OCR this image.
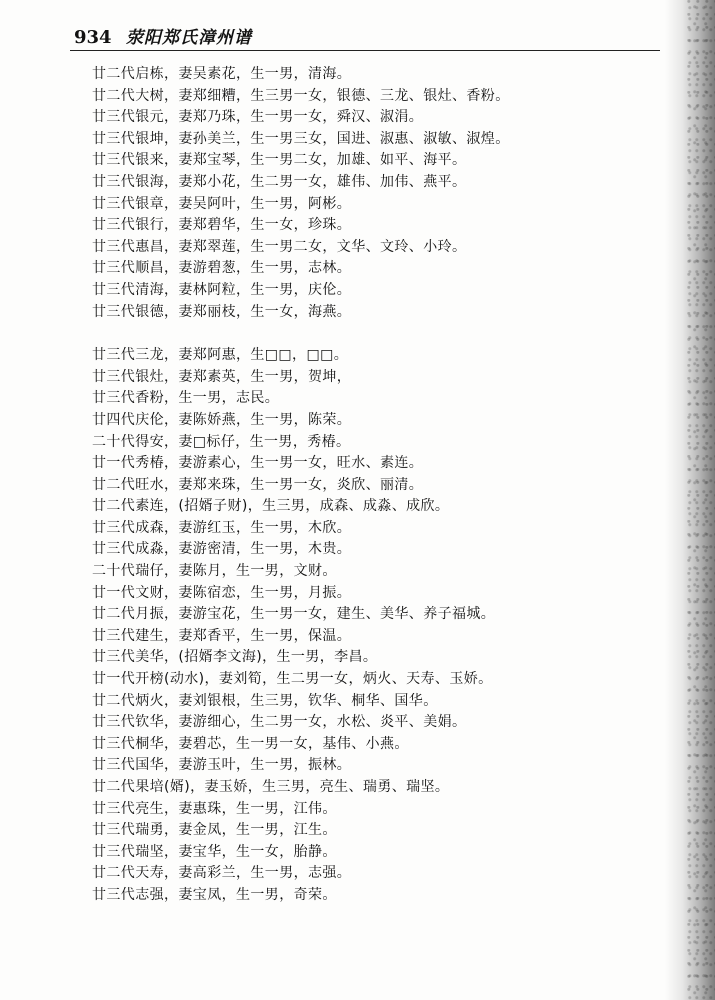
934 荥阳郑氏漳州谱
廿二代启栋，妻吴素花，生一男，清海。
廿二代大树，妻郑细糟，生三男一女，银德、三龙、银灶、香粉。
廿三代银元，妻郑乃珠，生一男一女，舜汉、淑涓。
廿三代银坤，妻孙美兰，生一男三女，国进、淑惠、淑敏、淑煌。
廿三代银来，妻郑宝琴，生一男二女，加雄、如平、海平。
廿三代银海，妻郑小花，生二男一女，雄伟、加伟、燕平。
廿三代银章，妻吴阿叶，生一男，阿彬。
廿三代银行，妻郑碧华，生一女，珍珠。
廿三代惠昌，妻郑翠莲，生一男二女，文华、文玲、小玲。
廿三代顺昌，妻游碧葱，生一男，志林。
廿三代清海，妻林阿粒，生一男，庆伦。
廿三代银德，妻郑丽枝，生一女，海燕。
廿三代三龙，妻郑阿惠，生□□，□□。
廿三代银灶，妻郑素英，生一男，贺坤，
廿三代香粉，生一男，志民。
廿四代庆伦，妻陈娇燕，生一男，陈荣。
二十代得安，妻□标仔，生一男，秀椿。
廿一代秀椿，妻游素心，生一男一女，旺水、素连。
廿二代旺水，妻郑来珠，生一男一女，炎欣、丽清。
廿二代素连，(招婿子财)，生三男，成森、成淼、成欣。
廿三代成森，妻游红玉，生一男，木欣。
廿三代成淼，妻游密清，生一男，木贵。
二十代瑞仔，妻陈月，生一男，文财。
廿一代文财，妻陈宿恋，生一男，月振。
廿二代月振，妻游宝花，生一男一女，建生、美华、养子福城。
廿三代建生，妻郑香平，生一男，保温。
廿三代美华，(招婿李文海)，生一男，李昌。
廿一代开榜(动水)，妻刘筍，生二男一女，炳火、天寿、玉娇。
廿二代炳火，妻刘银根，生三男，钦华、桐华、国华。
廿三代钦华，妻游细心，生二男一女，水松、炎平、美娟。
廿三代桐华，妻碧芯，生一男一女，基伟、小燕。
廿三代国华，妻游玉叶，生一男，振林。
廿二代果培(婿)，妻玉娇，生三男，亮生、瑞勇、瑞坚。
廿三代亮生，妻惠珠，生一男，江伟。
廿三代瑞勇，妻金凤，生一男，江生。
廿三代瑞坚，妻宝华，生一女，胎静。
廿二代天寿，妻高彩兰，生一男，志强。
廿三代志强，妻宝凤，生一男，奇荣。
